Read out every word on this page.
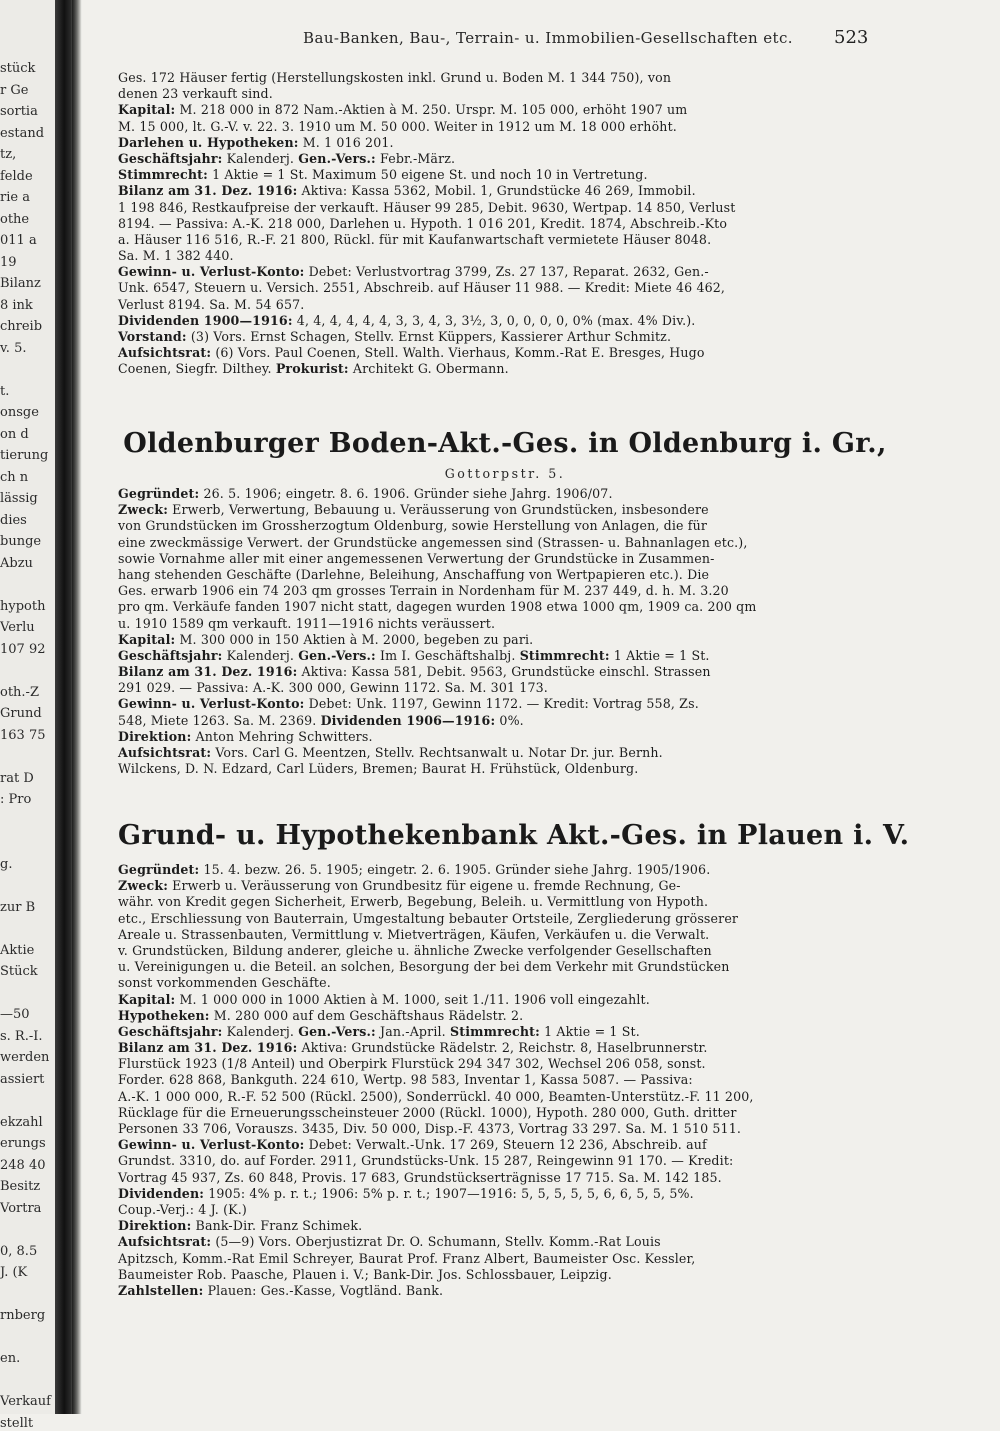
stück
r Ge
sortia
estand
tz,
felde
rie a
othe
011 a
19
Bilanz
8 ink
chreib
v. 5.
t.
onsge
on d
tierung
ch n
lässig
dies
bunge
Abzu
hypoth
Verlu
107 92
oth.-Z
Grund
163 75
rat D
: Pro
g.
zur B
Aktie
Stück
—50
s. R.-I.
werden
assiert
ekzahl
erungs
248 40
Besitz
Vortra
0, 8.5
J. (K
rnberg
en.
Verkauf
stellt
Bau-Banken, Bau-, Terrain- u. Immobilien-Gesellschaften etc.	523
Ges. 172 Häuser fertig (Herstellungskosten inkl. Grund u. Boden M. 1 344 750), von
denen 23 verkauft sind.
Kapital: M. 218 000 in 872 Nam.-Aktien à M. 250. Urspr. M. 105 000, erhöht 1907 um
M. 15 000, lt. G.-V. v. 22. 3. 1910 um M. 50 000. Weiter in 1912 um M. 18 000 erhöht.
Darlehen u. Hypotheken: M. 1 016 201.
Geschäftsjahr: Kalenderj. Gen.-Vers.: Febr.-März.
Stimmrecht: 1 Aktie = 1 St. Maximum 50 eigene St. und noch 10 in Vertretung.
Bilanz am 31. Dez. 1916: Aktiva: Kassa 5362, Mobil. 1, Grundstücke 46 269, Immobil.
1 198 846, Restkaufpreise der verkauft. Häuser 99 285, Debit. 9630, Wertpap. 14 850, Verlust
8194. — Passiva: A.-K. 218 000, Darlehen u. Hypoth. 1 016 201, Kredit. 1874, Abschreib.-Kto
a. Häuser 116 516, R.-F. 21 800, Rückl. für mit Kaufanwartschaft vermietete Häuser 8048.
Sa. M. 1 382 440.
Gewinn- u. Verlust-Konto: Debet: Verlustvortrag 3799, Zs. 27 137, Reparat. 2632, Gen.-
Unk. 6547, Steuern u. Versich. 2551, Abschreib. auf Häuser 11 988. — Kredit: Miete 46 462,
Verlust 8194. Sa. M. 54 657.
Dividenden 1900—1916: 4, 4, 4, 4, 4, 4, 3, 3, 4, 3, 3½, 3, 0, 0, 0, 0, 0% (max. 4% Div.).
Vorstand: (3) Vors. Ernst Schagen, Stellv. Ernst Küppers, Kassierer Arthur Schmitz.
Aufsichtsrat: (6) Vors. Paul Coenen, Stell. Walth. Vierhaus, Komm.-Rat E. Bresges, Hugo
Coenen, Siegfr. Dilthey. Prokurist: Architekt G. Obermann.
Oldenburger Boden-Akt.-Ges. in Oldenburg i. Gr.,
Gottorpstr. 5.
Gegründet: 26. 5. 1906; eingetr. 8. 6. 1906. Gründer siehe Jahrg. 1906/07.
Zweck: Erwerb, Verwertung, Bebauung u. Veräusserung von Grundstücken, insbesondere
von Grundstücken im Grossherzogtum Oldenburg, sowie Herstellung von Anlagen, die für
eine zweckmässige Verwert. der Grundstücke angemessen sind (Strassen- u. Bahnanlagen etc.),
sowie Vornahme aller mit einer angemessenen Verwertung der Grundstücke in Zusammen-
hang stehenden Geschäfte (Darlehne, Beleihung, Anschaffung von Wertpapieren etc.). Die
Ges. erwarb 1906 ein 74 203 qm grosses Terrain in Nordenham für M. 237 449, d. h. M. 3.20
pro qm. Verkäufe fanden 1907 nicht statt, dagegen wurden 1908 etwa 1000 qm, 1909 ca. 200 qm
u. 1910 1589 qm verkauft. 1911—1916 nichts veräussert.
Kapital: M. 300 000 in 150 Aktien à M. 2000, begeben zu pari.
Geschäftsjahr: Kalenderj. Gen.-Vers.: Im I. Geschäftshalbj. Stimmrecht: 1 Aktie = 1 St.
Bilanz am 31. Dez. 1916: Aktiva: Kassa 581, Debit. 9563, Grundstücke einschl. Strassen
291 029. — Passiva: A.-K. 300 000, Gewinn 1172. Sa. M. 301 173.
Gewinn- u. Verlust-Konto: Debet: Unk. 1197, Gewinn 1172. — Kredit: Vortrag 558, Zs.
548, Miete 1263. Sa. M. 2369. Dividenden 1906—1916: 0%.
Direktion: Anton Mehring Schwitters.
Aufsichtsrat: Vors. Carl G. Meentzen, Stellv. Rechtsanwalt u. Notar Dr. jur. Bernh.
Wilckens, D. N. Edzard, Carl Lüders, Bremen; Baurat H. Frühstück, Oldenburg.
Grund- u. Hypothekenbank Akt.-Ges. in Plauen i. V.
Gegründet: 15. 4. bezw. 26. 5. 1905; eingetr. 2. 6. 1905. Gründer siehe Jahrg. 1905/1906.
Zweck: Erwerb u. Veräusserung von Grundbesitz für eigene u. fremde Rechnung, Ge-
währ. von Kredit gegen Sicherheit, Erwerb, Begebung, Beleih. u. Vermittlung von Hypoth.
etc., Erschliessung von Bauterrain, Umgestaltung bebauter Ortsteile, Zergliederung grösserer
Areale u. Strassenbauten, Vermittlung v. Mietverträgen, Käufen, Verkäufen u. die Verwalt.
v. Grundstücken, Bildung anderer, gleiche u. ähnliche Zwecke verfolgender Gesellschaften
u. Vereinigungen u. die Beteil. an solchen, Besorgung der bei dem Verkehr mit Grundstücken
sonst vorkommenden Geschäfte.
Kapital: M. 1 000 000 in 1000 Aktien à M. 1000, seit 1./11. 1906 voll eingezahlt.
Hypotheken: M. 280 000 auf dem Geschäftshaus Rädelstr. 2.
Geschäftsjahr: Kalenderj. Gen.-Vers.: Jan.-April. Stimmrecht: 1 Aktie = 1 St.
Bilanz am 31. Dez. 1916: Aktiva: Grundstücke Rädelstr. 2, Reichstr. 8, Haselbrunnerstr.
Flurstück 1923 (1/8 Anteil) und Oberpirk Flurstück 294 347 302, Wechsel 206 058, sonst.
Forder. 628 868, Bankguth. 224 610, Wertp. 98 583, Inventar 1, Kassa 5087. — Passiva:
A.-K. 1 000 000, R.-F. 52 500 (Rückl. 2500), Sonderrückl. 40 000, Beamten-Unterstütz.-F. 11 200,
Rücklage für die Erneuerungsscheinsteuer 2000 (Rückl. 1000), Hypoth. 280 000, Guth. dritter
Personen 33 706, Vorauszs. 3435, Div. 50 000, Disp.-F. 4373, Vortrag 33 297. Sa. M. 1 510 511.
Gewinn- u. Verlust-Konto: Debet: Verwalt.-Unk. 17 269, Steuern 12 236, Abschreib. auf
Grundst. 3310, do. auf Forder. 2911, Grundstücks-Unk. 15 287, Reingewinn 91 170. — Kredit:
Vortrag 45 937, Zs. 60 848, Provis. 17 683, Grundstückserträgnisse 17 715. Sa. M. 142 185.
Dividenden: 1905: 4% p. r. t.; 1906: 5% p. r. t.; 1907—1916: 5, 5, 5, 5, 5, 6, 6, 5, 5, 5%.
Coup.-Verj.: 4 J. (K.)
Direktion: Bank-Dir. Franz Schimek.
Aufsichtsrat: (5—9) Vors. Oberjustizrat Dr. O. Schumann, Stellv. Komm.-Rat Louis
Apitzsch, Komm.-Rat Emil Schreyer, Baurat Prof. Franz Albert, Baumeister Osc. Kessler,
Baumeister Rob. Paasche, Plauen i. V.; Bank-Dir. Jos. Schlossbauer, Leipzig.
Zahlstellen: Plauen: Ges.-Kasse, Vogtländ. Bank.
